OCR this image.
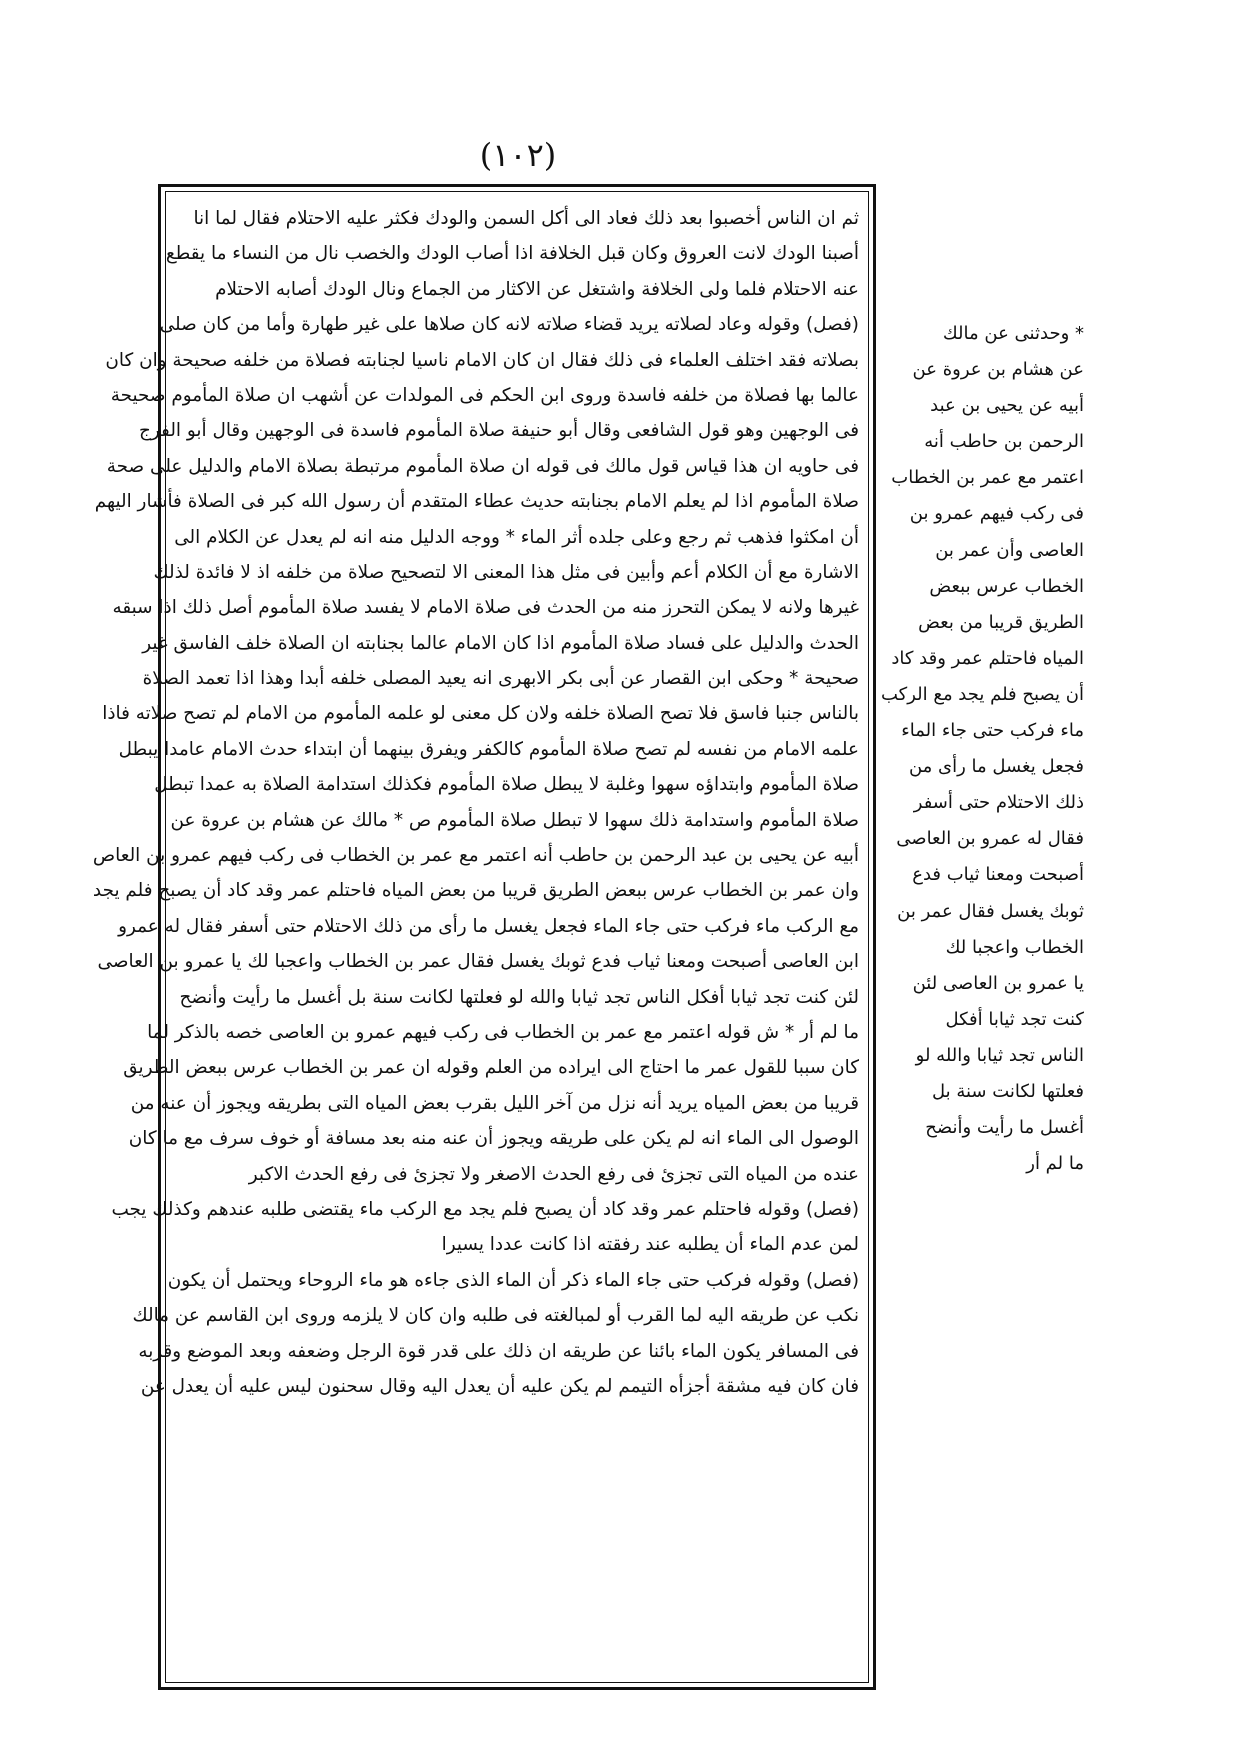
(١٠٢)
ثم ان الناس أخصبوا بعد ذلك فعاد الى أكل السمن والودك فكثر عليه الاحتلام فقال لما انا
أصبنا الودك لانت العروق وكان قبل الخلافة اذا أصاب الودك والخصب نال من النساء ما يقطع
عنه الاحتلام فلما ولى الخلافة واشتغل عن الاكثار من الجماع ونال الودك أصابه الاحتلام
(فصل) وقوله وعاد لصلاته يريد قضاء صلاته لانه كان صلاها على غير طهارة وأما من كان صلى
بصلاته فقد اختلف العلماء فى ذلك فقال ان كان الامام ناسيا لجنابته فصلاة من خلفه صحيحة وان كان
عالما بها فصلاة من خلفه فاسدة وروى ابن الحكم فى المولدات عن أشهب ان صلاة المأموم صحيحة
فى الوجهين وهو قول الشافعى وقال أبو حنيفة صلاة المأموم فاسدة فى الوجهين وقال أبو الفرج
فى حاويه ان هذا قياس قول مالك فى قوله ان صلاة المأموم مرتبطة بصلاة الامام والدليل على صحة
صلاة المأموم اذا لم يعلم الامام بجنابته حديث عطاء المتقدم أن رسول الله كبر فى الصلاة فأشار اليهم
أن امكثوا فذهب ثم رجع وعلى جلده أثر الماء * ووجه الدليل منه انه لم يعدل عن الكلام الى
الاشارة مع أن الكلام أعم وأبين فى مثل هذا المعنى الا لتصحيح صلاة من خلفه اذ لا فائدة لذلك
غيرها ولانه لا يمكن التحرز منه من الحدث فى صلاة الامام لا يفسد صلاة المأموم أصل ذلك اذا سبقه
الحدث والدليل على فساد صلاة المأموم اذا كان الامام عالما بجنابته ان الصلاة خلف الفاسق غير
صحيحة * وحكى ابن القصار عن أبى بكر الابهرى انه يعيد المصلى خلفه أبدا وهذا اذا تعمد الصلاة
بالناس جنبا فاسق فلا تصح الصلاة خلفه ولان كل معنى لو علمه المأموم من الامام لم تصح صلاته فاذا
علمه الامام من نفسه لم تصح صلاة المأموم كالكفر ويفرق بينهما أن ابتداء حدث الامام عامدا يبطل
صلاة المأموم وابتداؤه سهوا وغلبة لا يبطل صلاة المأموم فكذلك استدامة الصلاة به عمدا تبطل
صلاة المأموم واستدامة ذلك سهوا لا تبطل صلاة المأموم ص * مالك عن هشام بن عروة عن
أبيه عن يحيى بن عبد الرحمن بن حاطب أنه اعتمر مع عمر بن الخطاب فى ركب فيهم عمرو بن العاص
وان عمر بن الخطاب عرس ببعض الطريق قريبا من بعض المياه فاحتلم عمر وقد كاد أن يصبح فلم يجد
مع الركب ماء فركب حتى جاء الماء فجعل يغسل ما رأى من ذلك الاحتلام حتى أسفر فقال له عمرو
ابن العاصى أصبحت ومعنا ثياب فدع ثوبك يغسل فقال عمر بن الخطاب واعجبا لك يا عمرو بن العاصى
لئن كنت تجد ثيابا أفكل الناس تجد ثيابا والله لو فعلتها لكانت سنة بل أغسل ما رأيت وأنضح
ما لم أر * ش قوله اعتمر مع عمر بن الخطاب فى ركب فيهم عمرو بن العاصى خصه بالذكر لما
كان سببا للقول عمر ما احتاج الى ايراده من العلم وقوله ان عمر بن الخطاب عرس ببعض الطريق
قريبا من بعض المياه يريد أنه نزل من آخر الليل بقرب بعض المياه التى بطريقه ويجوز أن عنه من
الوصول الى الماء انه لم يكن على طريقه ويجوز أن عنه منه بعد مسافة أو خوف سرف مع ما كان
عنده من المياه التى تجزئ فى رفع الحدث الاصغر ولا تجزئ فى رفع الحدث الاكبر
(فصل) وقوله فاحتلم عمر وقد كاد أن يصبح فلم يجد مع الركب ماء يقتضى طلبه عندهم وكذلك يجب
لمن عدم الماء أن يطلبه عند رفقته اذا كانت عددا يسيرا
(فصل) وقوله فركب حتى جاء الماء ذكر أن الماء الذى جاءه هو ماء الروحاء ويحتمل أن يكون
نكب عن طريقه اليه لما القرب أو لمبالغته فى طلبه وان كان لا يلزمه وروى ابن القاسم عن مالك
فى المسافر يكون الماء بائنا عن طريقه ان ذلك على قدر قوة الرجل وضعفه وبعد الموضع وقربه
فان كان فيه مشقة أجزأه التيمم لم يكن عليه أن يعدل اليه وقال سحنون ليس عليه أن يعدل عن
* وحدثنى عن مالك
عن هشام بن عروة عن
أبيه عن يحيى بن عبد
الرحمن بن حاطب أنه
اعتمر مع عمر بن الخطاب
فى ركب فيهم عمرو بن
العاصى وأن عمر بن
الخطاب عرس ببعض
الطريق قريبا من بعض
المياه فاحتلم عمر وقد كاد
أن يصبح فلم يجد مع الركب
ماء فركب حتى جاء الماء
فجعل يغسل ما رأى من
ذلك الاحتلام حتى أسفر
فقال له عمرو بن العاصى
أصبحت ومعنا ثياب فدع
ثوبك يغسل فقال عمر بن
الخطاب واعجبا لك
يا عمرو بن العاصى لئن
كنت تجد ثيابا أفكل
الناس تجد ثيابا والله لو
فعلتها لكانت سنة بل
أغسل ما رأيت وأنضح
ما لم أر
